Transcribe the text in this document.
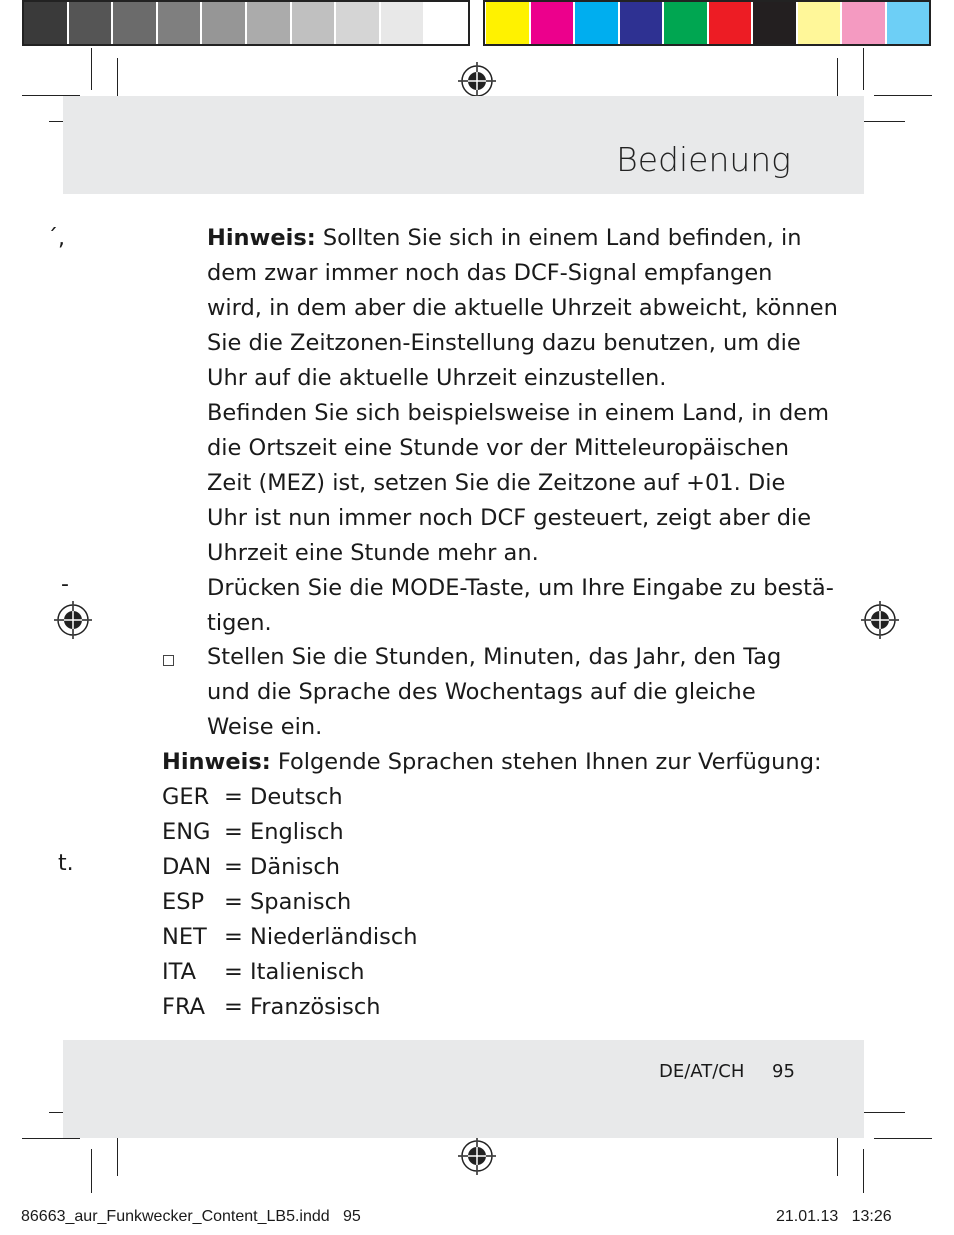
Bedienung
́,
-
t.
Hinweis: Sollten Sie sich in einem Land befinden, in
dem zwar immer noch das DCF-Signal empfangen
wird, in dem aber die aktuelle Uhrzeit abweicht, können
Sie die Zeitzonen-Einstellung dazu benutzen, um die
Uhr auf die aktuelle Uhrzeit einzustellen.
Befinden Sie sich beispielsweise in einem Land, in dem
die Ortszeit eine Stunde vor der Mitteleuropäischen
Zeit (MEZ) ist, setzen Sie die Zeitzone auf +01. Die
Uhr ist nun immer noch DCF gesteuert, zeigt aber die
Uhrzeit eine Stunde mehr an.
Drücken Sie die MODE-Taste, um Ihre Eingabe zu bestä-
tigen.
Stellen Sie die Stunden, Minuten, das Jahr, den Tag
und die Sprache des Wochentags auf die gleiche
Weise ein.
Hinweis: Folgende Sprachen stehen Ihnen zur Verfügung:
GER = Deutsch
ENG = Englisch
DAN = Dänisch
ESP = Spanisch
NET = Niederländisch
ITA = Italienisch
FRA = Französisch
DE/AT/CH 95
86663_aur_Funkwecker_Content_LB5.indd   95	21.01.13   13:26
